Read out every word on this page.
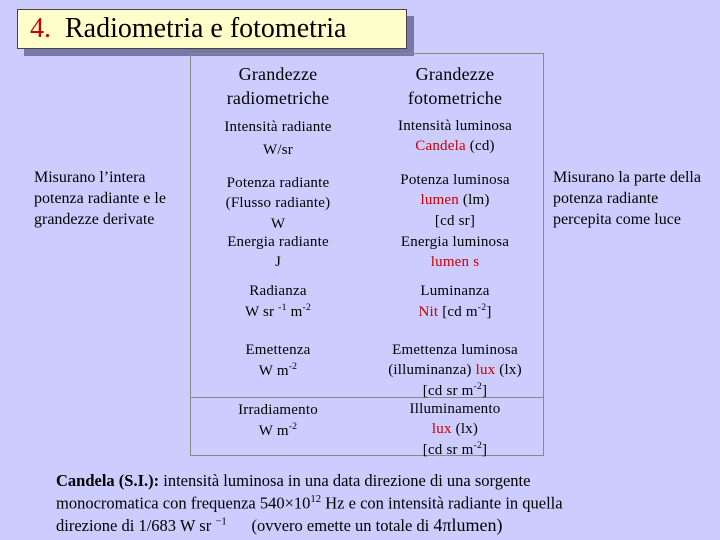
4. Radiometria e fotometria
Grandezze
radiometriche
Grandezze
fotometriche
Intensità radiante
W/sr
Intensità luminosa
Candela (cd)
Potenza radiante
(Flusso radiante)
W
Potenza luminosa
lumen (lm)
[cd sr]
Energia radiante
J
Energia luminosa
lumen s
Radianza
W sr $^{-1}$ $m^{-2}$
Luminanza
Nit [cd $m^{-2}$]
Emettenza
W $m^{-2}$
Emettenza luminosa
(illuminanza) lux (lx)
[cd sr $m^{-2}$]
Irradiamento
W $m^{-2}$
Illuminamento
lux (lx)
[cd sr $m^{-2}$]
Misurano l’intera potenza radiante e le grandezze derivate
Misurano la parte della potenza radiante percepita come luce
Candela (S.I.): intensità luminosa in una data direzione di una sorgente
monocromatica con frequenza $540\times 10^{12}$ Hz e con intensità radiante in quella
direzione di 1/683 W sr $^{-1}$      (ovvero emette un totale di 4πlumen)
